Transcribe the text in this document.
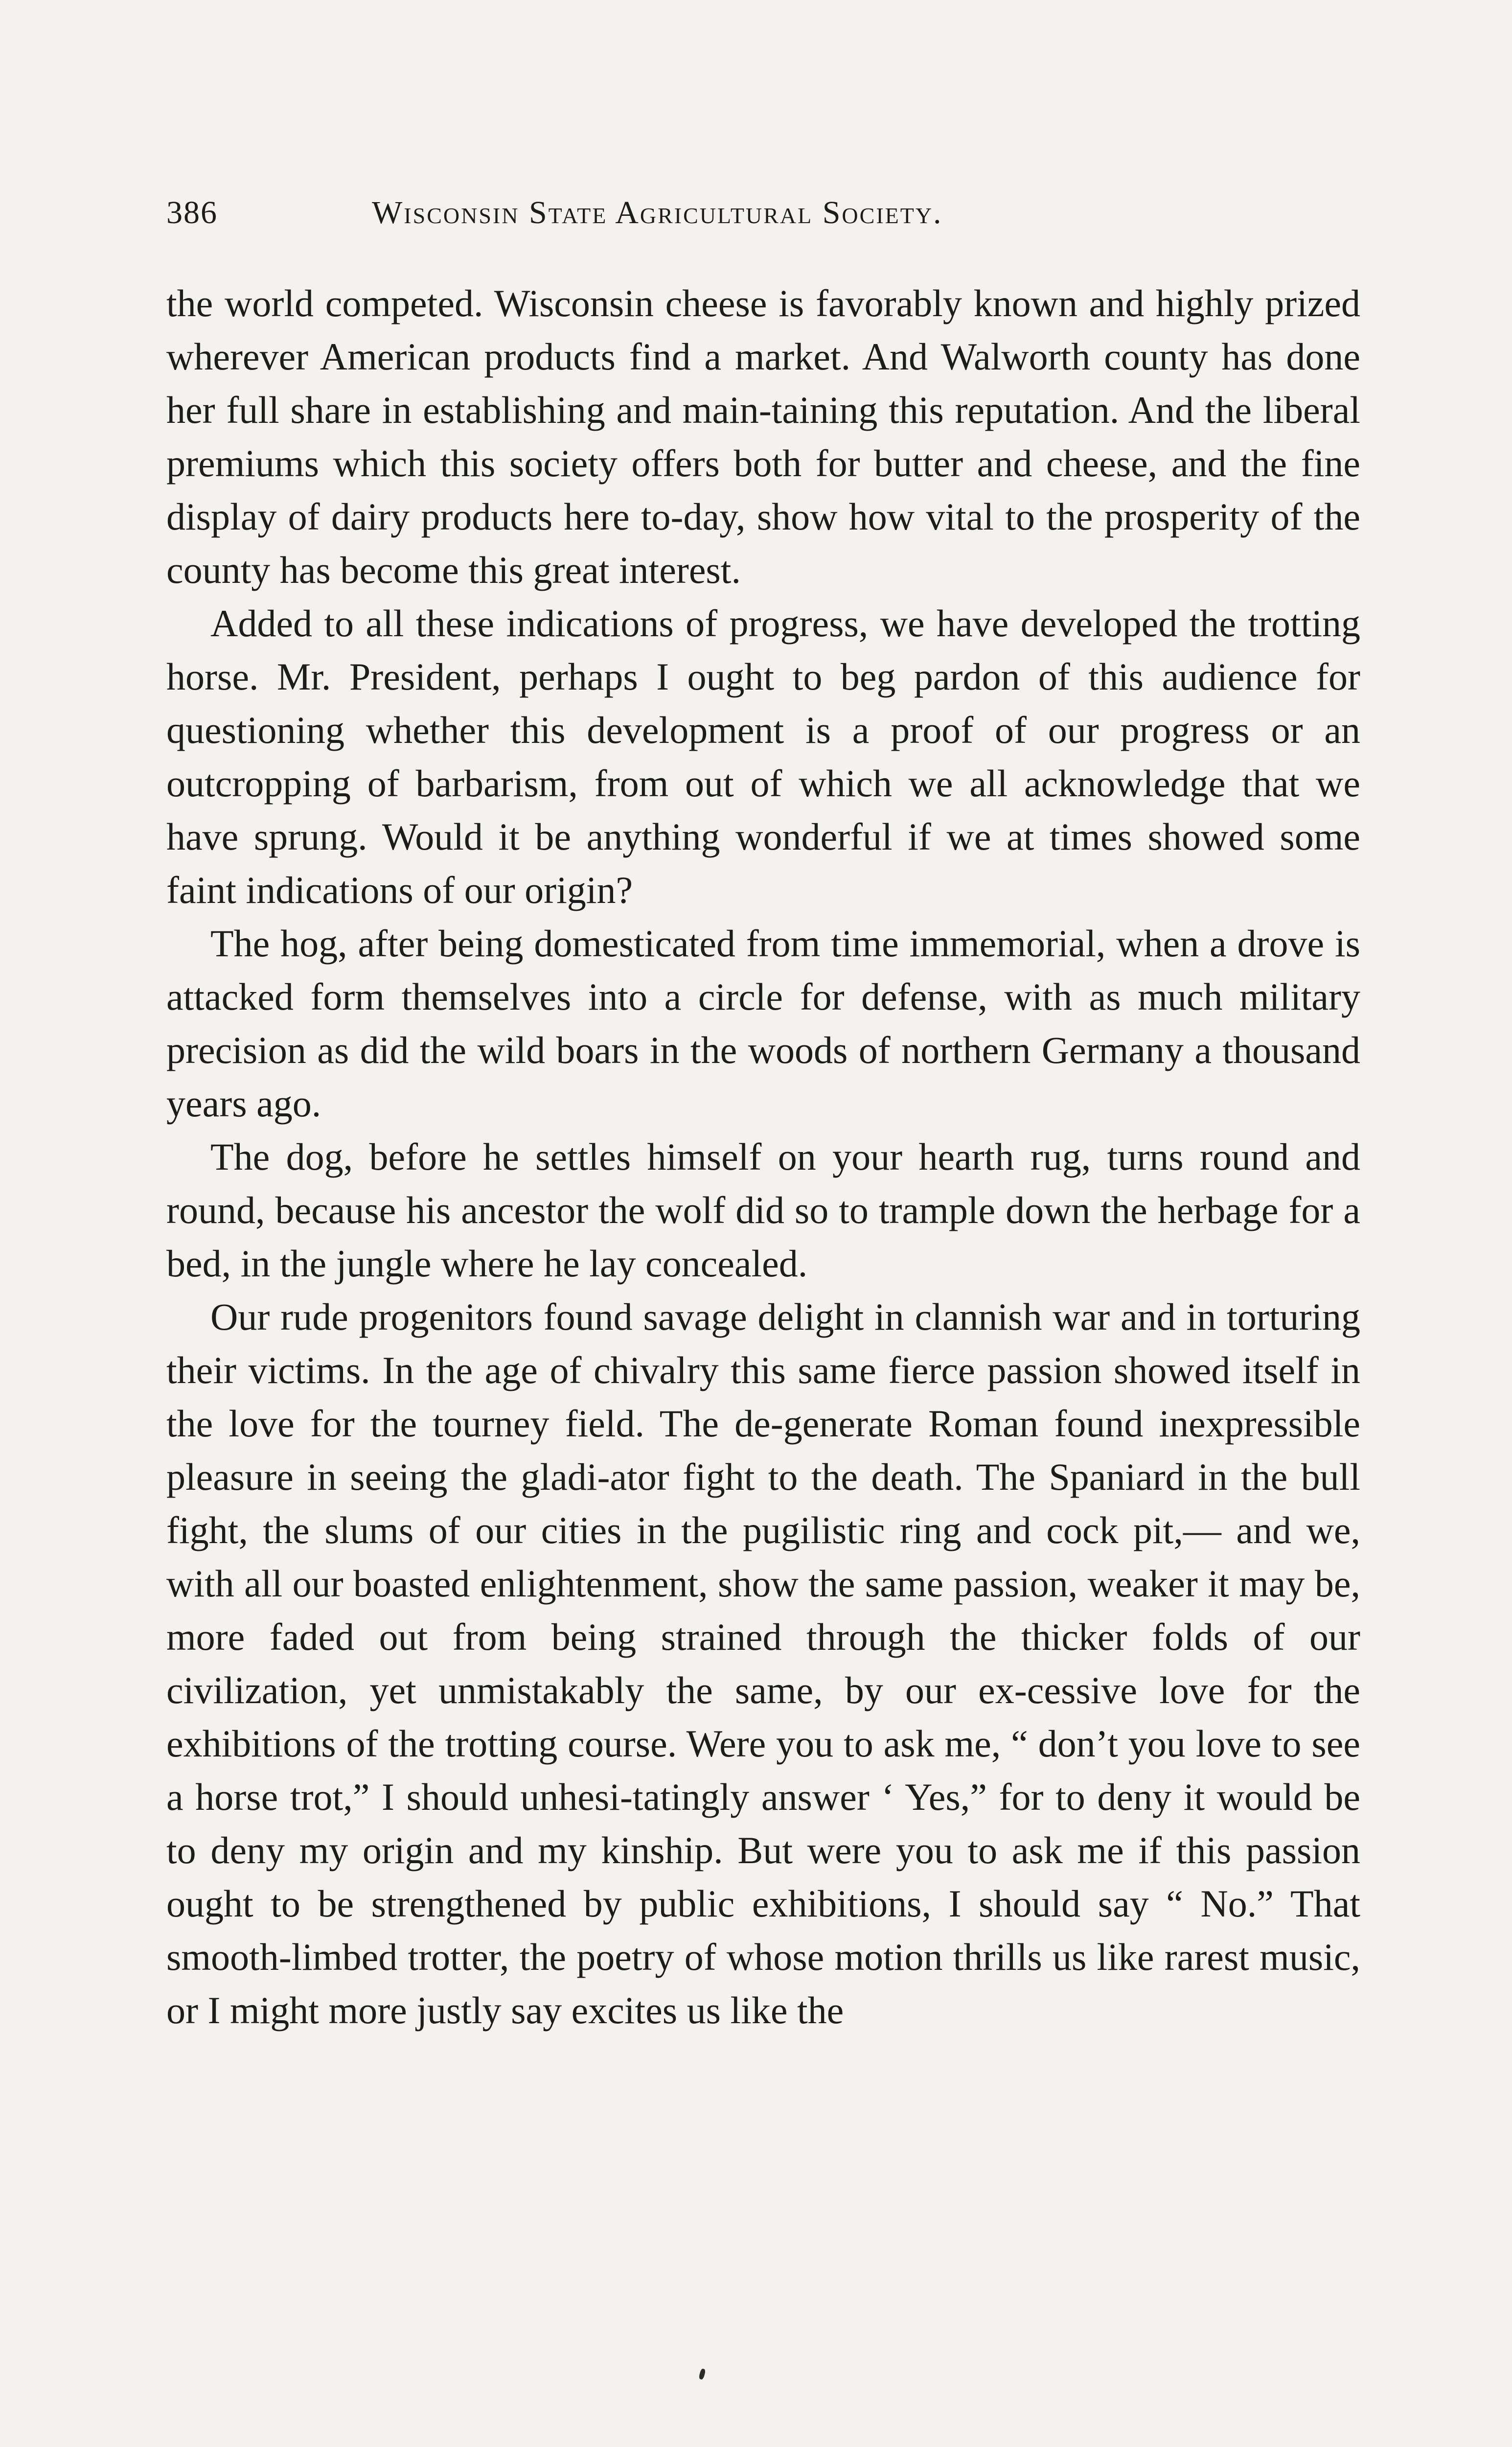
386	Wisconsin State Agricultural Society.

the world competed. Wisconsin cheese is favorably known and highly prized wherever American products find a market. And Walworth county has done her full share in establishing and main-taining this reputation. And the liberal premiums which this society offers both for butter and cheese, and the fine display of dairy products here to-day, show how vital to the prosperity of the county has become this great interest.

Added to all these indications of progress, we have developed the trotting horse. Mr. President, perhaps I ought to beg pardon of this audience for questioning whether this development is a proof of our progress or an outcropping of barbarism, from out of which we all acknowledge that we have sprung. Would it be anything wonderful if we at times showed some faint indications of our origin?

The hog, after being domesticated from time immemorial, when a drove is attacked form themselves into a circle for defense, with as much military precision as did the wild boars in the woods of northern Germany a thousand years ago.

The dog, before he settles himself on your hearth rug, turns round and round, because his ancestor the wolf did so to trample down the herbage for a bed, in the jungle where he lay concealed.

Our rude progenitors found savage delight in clannish war and in torturing their victims. In the age of chivalry this same fierce passion showed itself in the love for the tourney field. The de-generate Roman found inexpressible pleasure in seeing the gladi-ator fight to the death. The Spaniard in the bull fight, the slums of our cities in the pugilistic ring and cock pit,— and we, with all our boasted enlightenment, show the same passion, weaker it may be, more faded out from being strained through the thicker folds of our civilization, yet unmistakably the same, by our ex-cessive love for the exhibitions of the trotting course. Were you to ask me, “ don’t you love to see a horse trot,” I should unhesi-tatingly answer ‘ Yes,” for to deny it would be to deny my origin and my kinship. But were you to ask me if this passion ought to be strengthened by public exhibitions, I should say “ No.” That smooth-limbed trotter, the poetry of whose motion thrills us like rarest music, or I might more justly say excites us like the
